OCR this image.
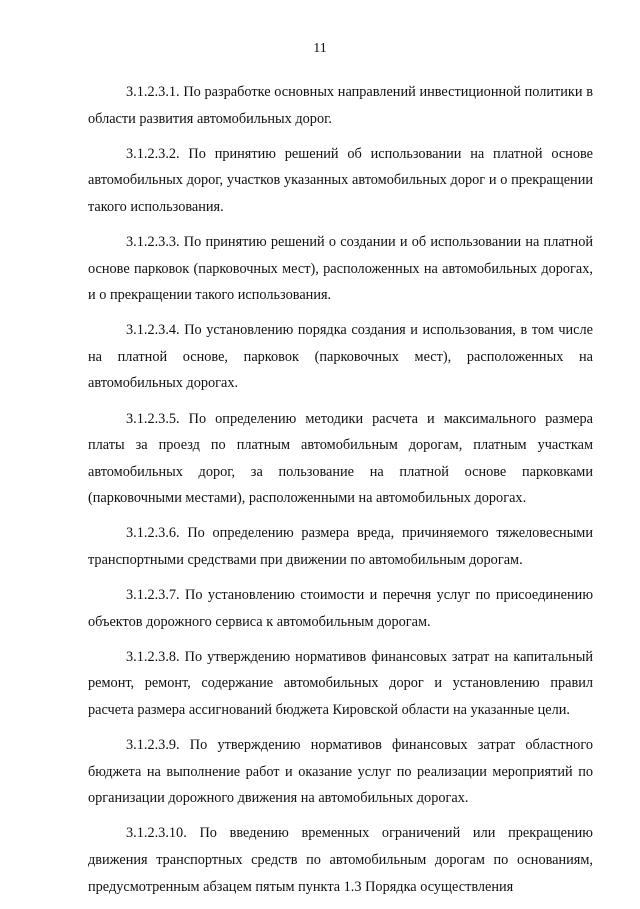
11

3.1.2.3.1. По разработке основных направлений инвестиционной политики в области развития автомобильных дорог.

3.1.2.3.2. По принятию решений об использовании на платной основе автомобильных дорог, участков указанных автомобильных дорог и о прекращении такого использования.

3.1.2.3.3. По принятию решений о создании и об использовании на платной основе парковок (парковочных мест), расположенных на автомобильных дорогах, и о прекращении такого использования.

3.1.2.3.4. По установлению порядка создания и использования, в том числе на платной основе, парковок (парковочных мест), расположенных на автомобильных дорогах.

3.1.2.3.5. По определению методики расчета и максимального размера платы за проезд по платным автомобильным дорогам, платным участкам автомобильных дорог, за пользование на платной основе парковками (парковочными местами), расположенными на автомобильных дорогах.

3.1.2.3.6. По определению размера вреда, причиняемого тяжеловесными транспортными средствами при движении по автомобильным дорогам.

3.1.2.3.7. По установлению стоимости и перечня услуг по присоединению объектов дорожного сервиса к автомобильным дорогам.

3.1.2.3.8. По утверждению нормативов финансовых затрат на капитальный ремонт, ремонт, содержание автомобильных дорог и установлению правил расчета размера ассигнований бюджета Кировской области на указанные цели.

3.1.2.3.9. По утверждению нормативов финансовых затрат областного бюджета на выполнение работ и оказание услуг по реализации мероприятий по организации дорожного движения на автомобильных дорогах.

3.1.2.3.10. По введению временных ограничений или прекращению движения транспортных средств по автомобильным дорогам по основаниям, предусмотренным абзацем пятым пункта 1.3 Порядка осуществления
